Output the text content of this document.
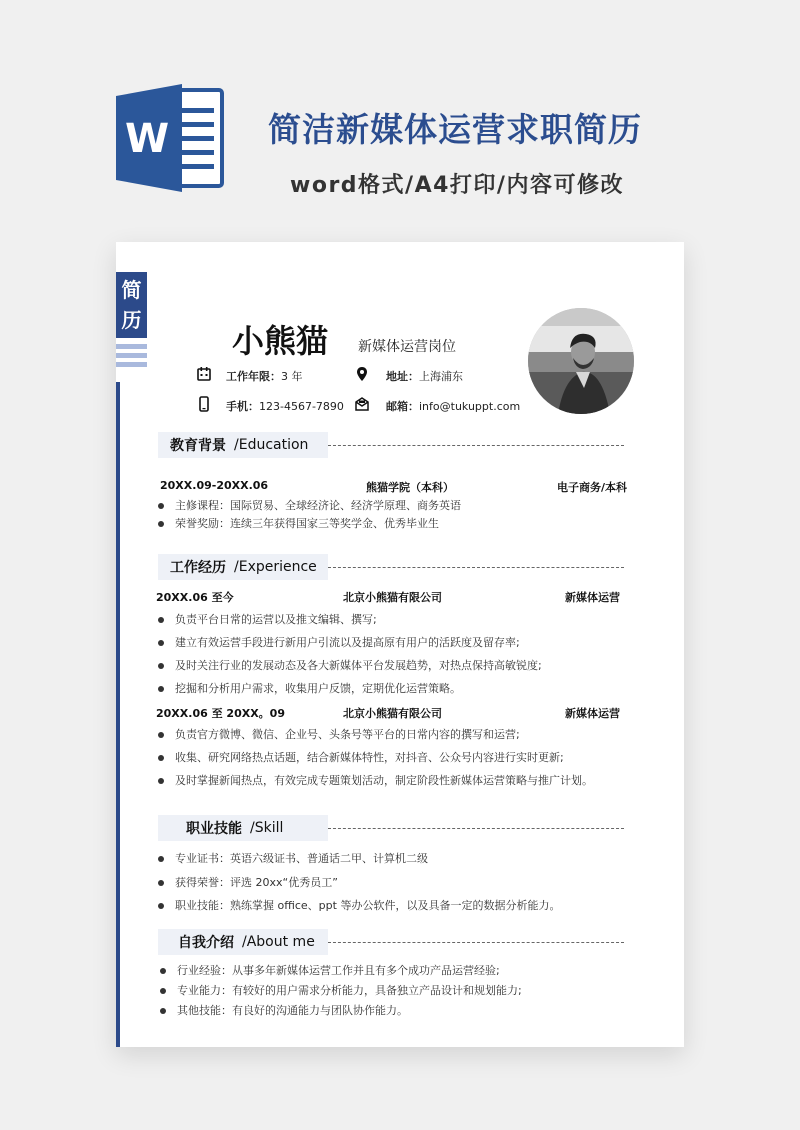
W	简洁新媒体运营求职简历
word格式/A4打印/内容可修改
简历
小熊猫 新媒体运营岗位
工作年限：3 年
手机：123-4567-7890
地址：上海浦东
邮箱：info@tukuppt.com
教育背景 /Education
20XX.09-20XX.06	熊猫学院（本科）	电子商务/本科
主修课程：国际贸易、全球经济论、经济学原理、商务英语
荣誉奖励：连续三年获得国家三等奖学金、优秀毕业生
工作经历 /Experience
20XX.06 至今	北京小熊猫有限公司	新媒体运营
负责平台日常的运营以及推文编辑、撰写;
建立有效运营手段进行新用户引流以及提高原有用户的活跃度及留存率;
及时关注行业的发展动态及各大新媒体平台发展趋势，对热点保持高敏锐度;
挖掘和分析用户需求，收集用户反馈，定期优化运营策略。
20XX.06 至 20XX。09	北京小熊猫有限公司	新媒体运营
负责官方微博、微信、企业号、头条号等平台的日常内容的撰写和运营;
收集、研究网络热点话题，结合新媒体特性，对抖音、公众号内容进行实时更新;
及时掌握新闻热点，有效完成专题策划活动，制定阶段性新媒体运营策略与推广计划。
职业技能 /Skill
专业证书：英语六级证书、普通话二甲、计算机二级
获得荣誉：评选 20xx“优秀员工”
职业技能：熟练掌握 office、ppt 等办公软件，以及具备一定的数据分析能力。
自我介绍 /About me
行业经验：从事多年新媒体运营工作并且有多个成功产品运营经验;
专业能力：有较好的用户需求分析能力，具备独立产品设计和规划能力;
其他技能：有良好的沟通能力与团队协作能力。
